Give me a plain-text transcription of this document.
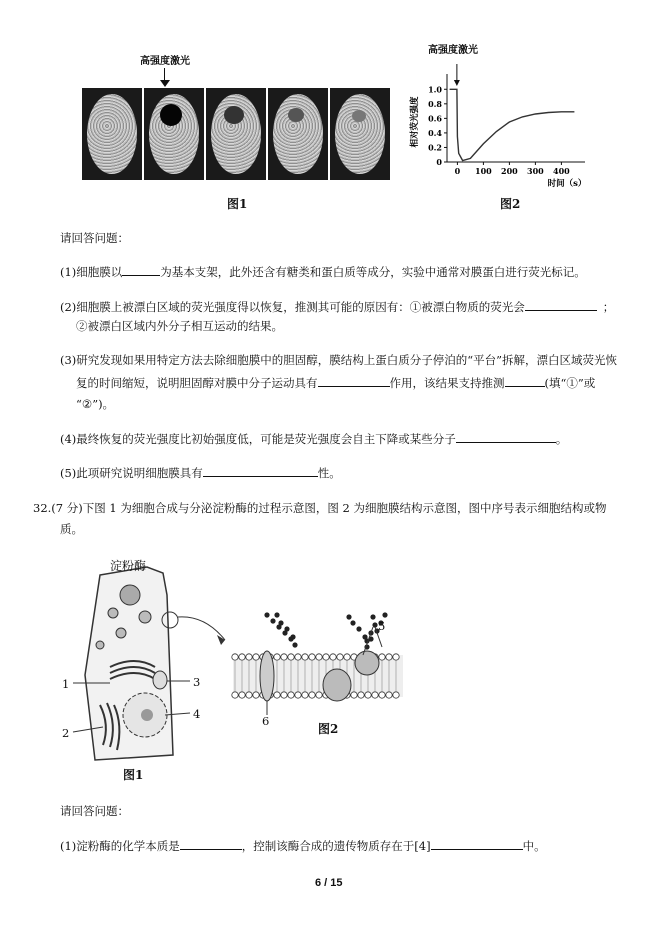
高强度激光
图1
高强度激光
0
0.2
0.4
0.6
0.8
1.0
0 100 200 300 400
时间（s）
相对荧光强度
图2
请回答问题：
(1)细胞膜以	为基本支架，此外还含有糖类和蛋白质等成分，实验中通常对膜蛋白进行荧光标记。
(2)细胞膜上被漂白区域的荧光强度得以恢复，推测其可能的原因有：①被漂白物质的荧光会	；
②被漂白区域内外分子相互运动的结果。
(3)研究发现如果用特定方法去除细胞膜中的胆固醇，膜结构上蛋白质分子停泊的“平台”拆解，漂白区域荧光恢
复的时间缩短，说明胆固醇对膜中分子运动具有	作用，该结果支持推测	(填“①”或
“②”)。
(4)最终恢复的荧光强度比初始强度低，可能是荧光强度会自主下降或某些分子	。
(5)此项研究说明细胞膜具有	性。
32.(7 分)下图 1 为细胞合成与分泌淀粉酶的过程示意图，图 2 为细胞膜结构示意图，图中序号表示细胞结构或物
质。
淀粉酶
1
2
3
4
5
6
图1
图2
请回答问题：
(1)淀粉酶的化学本质是	，控制该酶合成的遗传物质存在于[4]	中。
6 / 15
